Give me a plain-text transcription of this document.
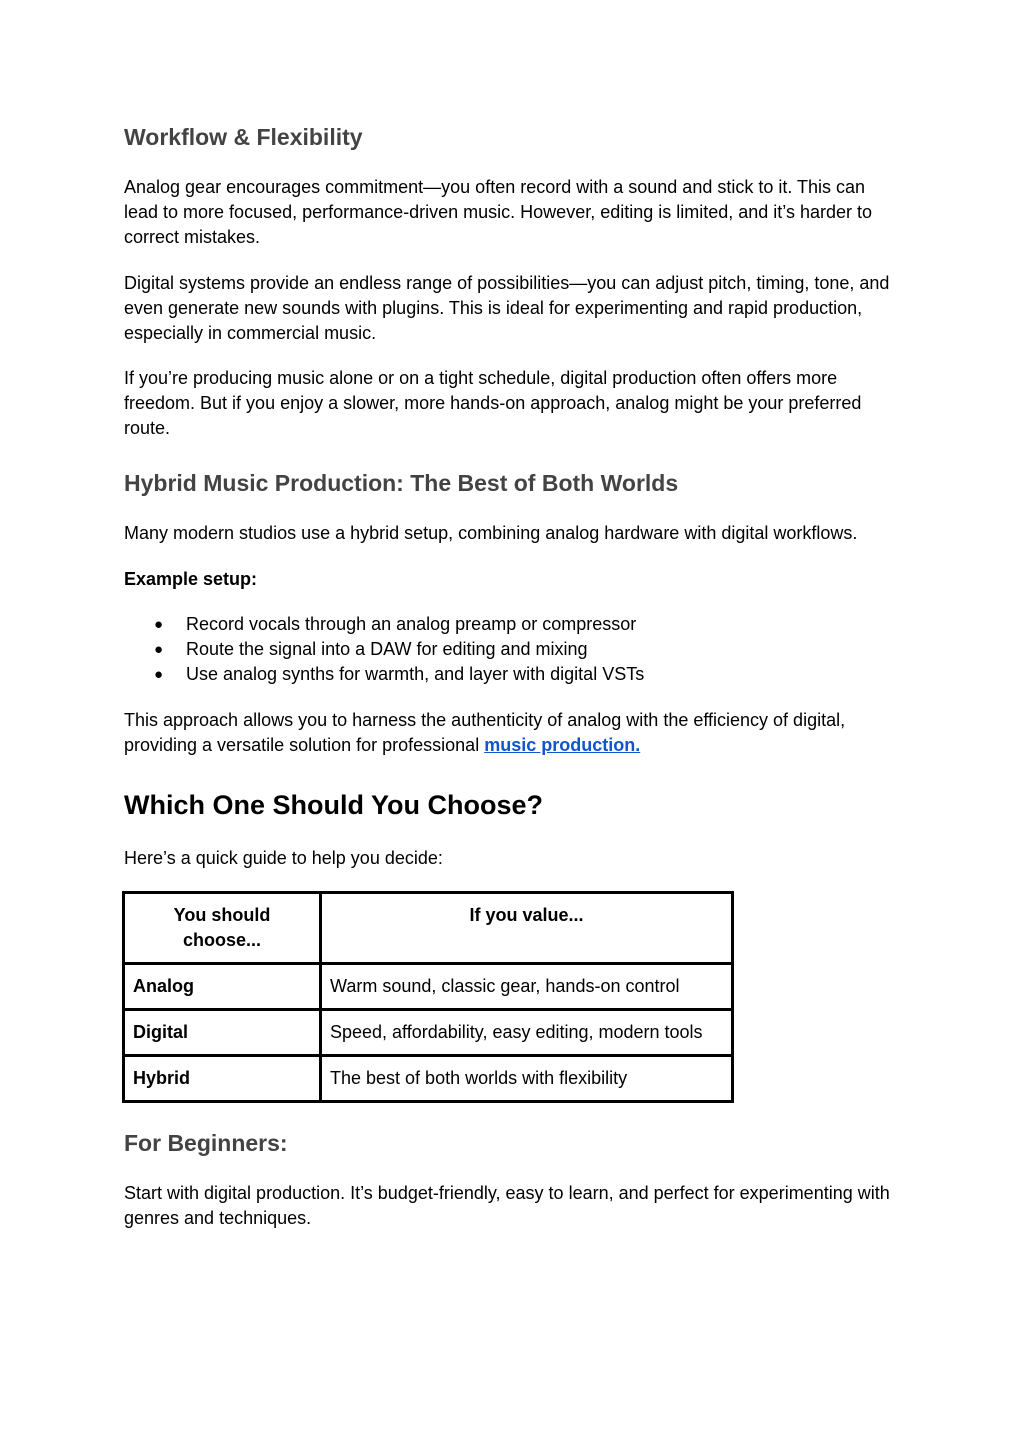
Workflow & Flexibility

Analog gear encourages commitment—you often record with a sound and stick to it. This can lead to more focused, performance-driven music. However, editing is limited, and it’s harder to correct mistakes.

Digital systems provide an endless range of possibilities—you can adjust pitch, timing, tone, and even generate new sounds with plugins. This is ideal for experimenting and rapid production, especially in commercial music.

If you’re producing music alone or on a tight schedule, digital production often offers more freedom. But if you enjoy a slower, more hands-on approach, analog might be your preferred route.

Hybrid Music Production: The Best of Both Worlds

Many modern studios use a hybrid setup, combining analog hardware with digital workflows.

Example setup:

● Record vocals through an analog preamp or compressor
● Route the signal into a DAW for editing and mixing
● Use analog synths for warmth, and layer with digital VSTs

This approach allows you to harness the authenticity of analog with the efficiency of digital, providing a versatile solution for professional music production.

Which One Should You Choose?

Here’s a quick guide to help you decide:

You should choose...	If you value...
Analog	Warm sound, classic gear, hands-on control
Digital	Speed, affordability, easy editing, modern tools
Hybrid	The best of both worlds with flexibility
For Beginners:

Start with digital production. It’s budget-friendly, easy to learn, and perfect for experimenting with genres and techniques.
